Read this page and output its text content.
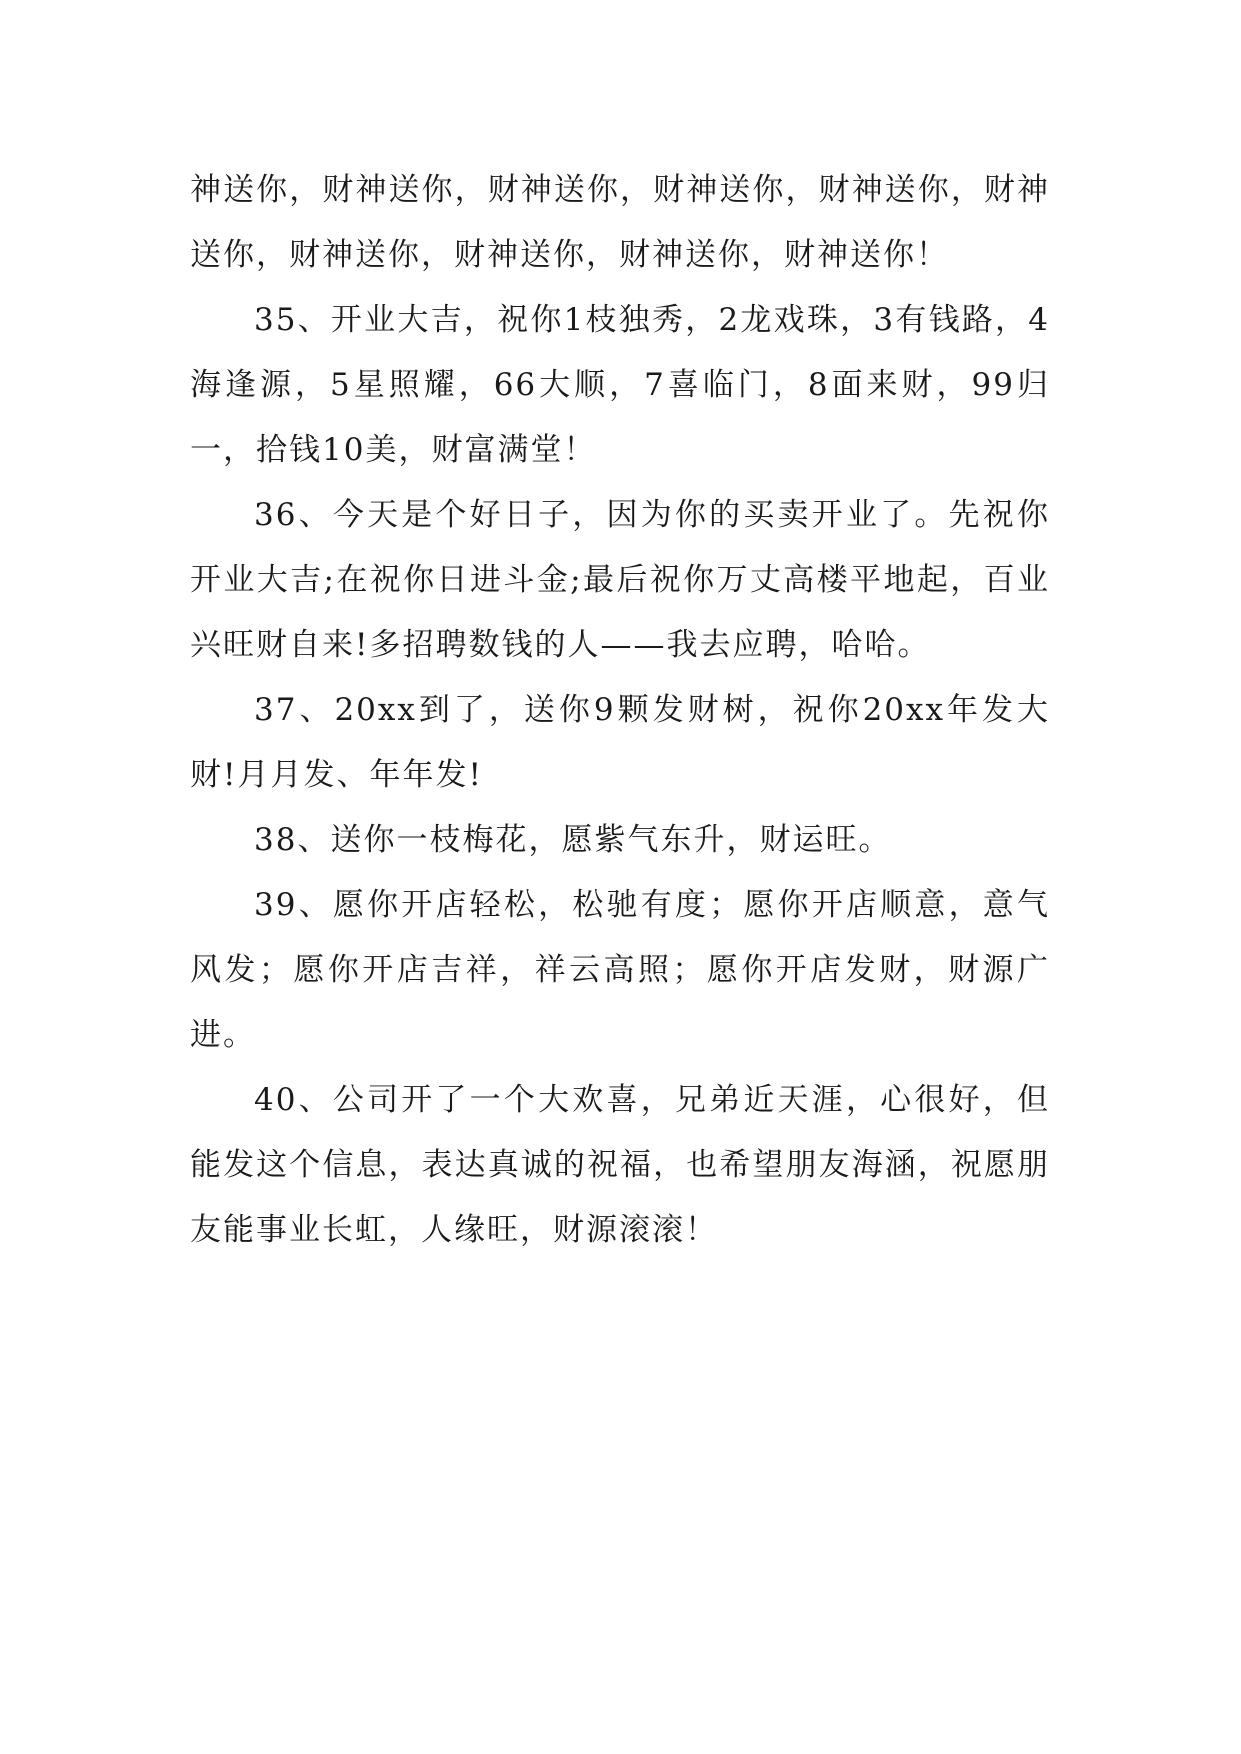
神送你，财神送你，财神送你，财神送你，财神送你，财神送你，财神送你，财神送你，财神送你，财神送你！

35、开业大吉，祝你1枝独秀，2龙戏珠，3有钱路，4海逢源，5星照耀，66大顺，7喜临门，8面来财，99归一，拾钱10美，财富满堂！

36、今天是个好日子，因为你的买卖开业了。先祝你开业大吉;在祝你日进斗金;最后祝你万丈高楼平地起，百业兴旺财自来!多招聘数钱的人——我去应聘，哈哈。

37、20xx到了，送你9颗发财树，祝你20xx年发大财!月月发、年年发!

38、送你一枝梅花，愿紫气东升，财运旺。

39、愿你开店轻松，松驰有度；愿你开店顺意，意气风发；愿你开店吉祥，祥云高照；愿你开店发财，财源广进。

40、公司开了一个大欢喜，兄弟近天涯，心很好，但能发这个信息，表达真诚的祝福，也希望朋友海涵，祝愿朋友能事业长虹，人缘旺，财源滚滚！
